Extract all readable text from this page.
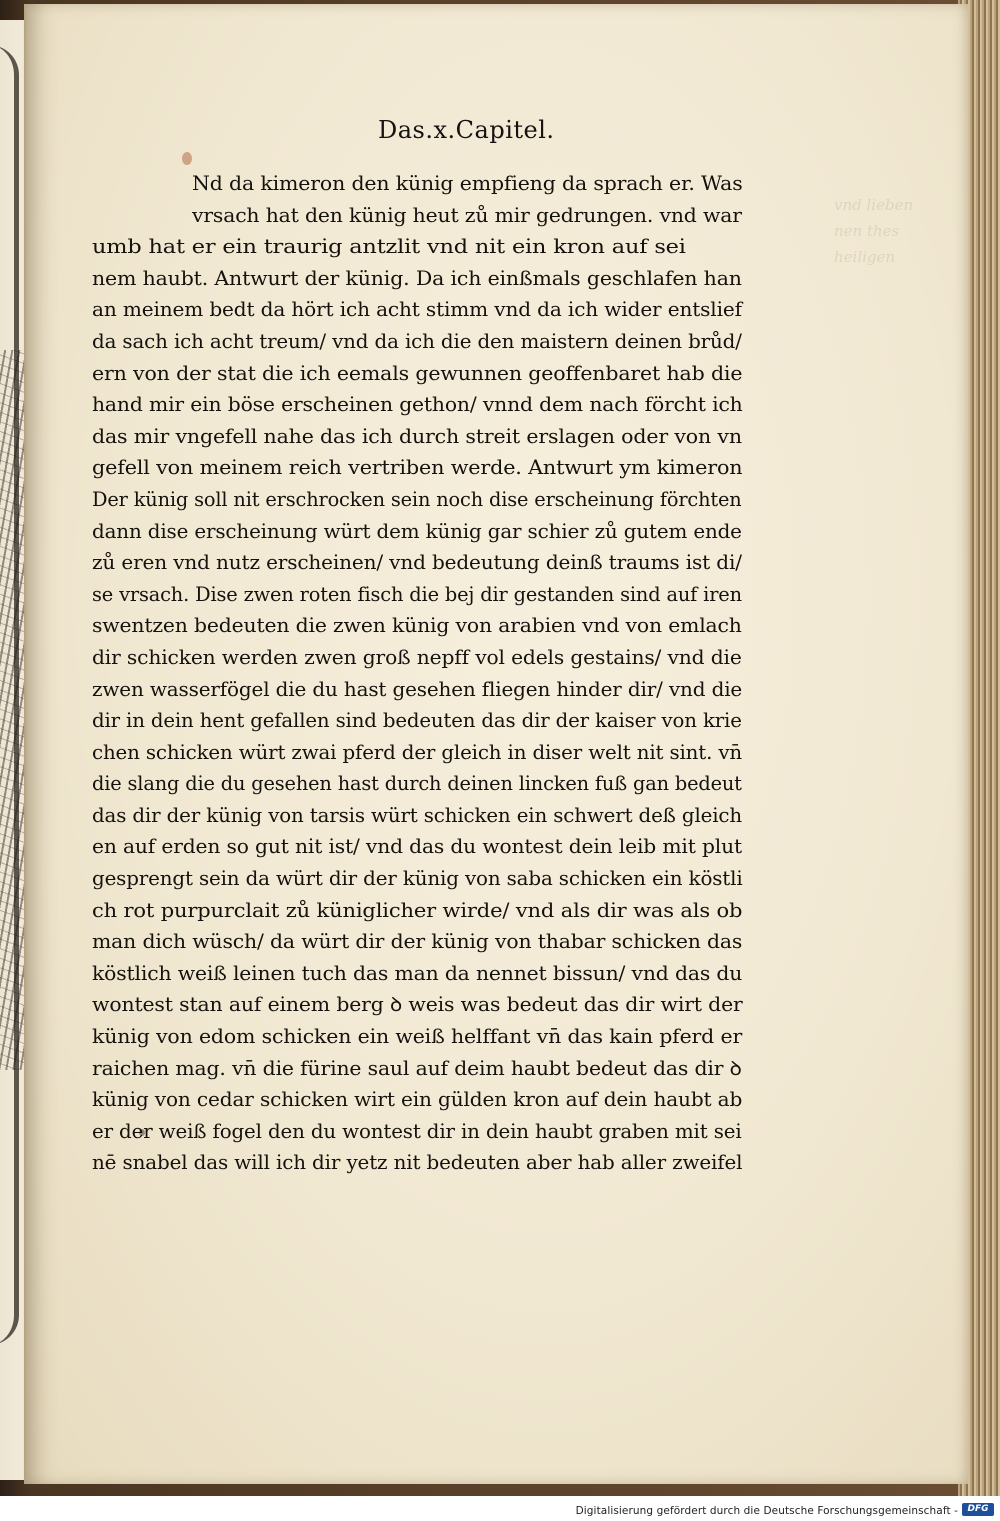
vnd lieben
nen thes
heiligen
Das.x.Capitel.
Nd da kimeron den künig empfieng da sprach er. Was
vrsach hat den künig heut zů mir gedrungen. vnd war
umb hat er ein traurig antzlit vnd nit ein kron auf sei
nem haubt. Antwurt der künig. Da ich einßmals geschlafen han
an meinem bedt da hört ich acht stimm vnd da ich wider entslief
da sach ich acht treum/ vnd da ich die den maistern deinen brůd/
ern von der stat die ich eemals gewunnen geoffenbaret hab die
hand mir ein böse erscheinen gethon/ vnnd dem nach förcht ich
das mir vngefell nahe das ich durch streit erslagen oder von vn
gefell von meinem reich vertriben werde. Antwurt ym kimeron
Der künig soll nit erschrocken sein noch dise erscheinung förchten
dann dise erscheinung würt dem künig gar schier zů gutem ende
zů eren vnd nutz erscheinen/ vnd bedeutung deinß traums ist di/
se vrsach. Dise zwen roten fisch die bej dir gestanden sind auf iren
swentzen bedeuten die zwen künig von arabien vnd von emlach
dir schicken werden zwen groß nepff vol edels gestains/ vnd die
zwen wasserfögel die du hast gesehen fliegen hinder dir/ vnd die
dir in dein hent gefallen sind bedeuten das dir der kaiser von krie
chen schicken würt zwai pferd der gleich in diser welt nit sint. vn̄
die slang die du gesehen hast durch deinen lincken fuß gan bedeut
das dir der künig von tarsis würt schicken ein schwert deß gleich
en auf erden so gut nit ist/ vnd das du wontest dein leib mit plut
gesprengt sein da würt dir der künig von saba schicken ein köstli
ch rot purpurclait zů küniglicher wirde/ vnd als dir was als ob
man dich wüsch/ da würt dir der künig von thabar schicken das
köstlich weiß leinen tuch das man da nennet bissun/ vnd das du
wontest stan auf einem berg ꝺ weis was bedeut das dir wirt der
künig von edom schicken ein weiß helffant vn̄ das kain pferd er
raichen mag. vn̄ die fürine saul auf deim haubt bedeut das dir ꝺ
künig von cedar schicken wirt ein gülden kron auf dein haubt ab
er der weiß fogel den du wontest dir in dein haubt graben mit sei
nē snabel das will ich dir yetz nit bedeuten aber hab aller zweifel
Digitalisierung gefördert durch die Deutsche Forschungsgemeinschaft -	DFG
